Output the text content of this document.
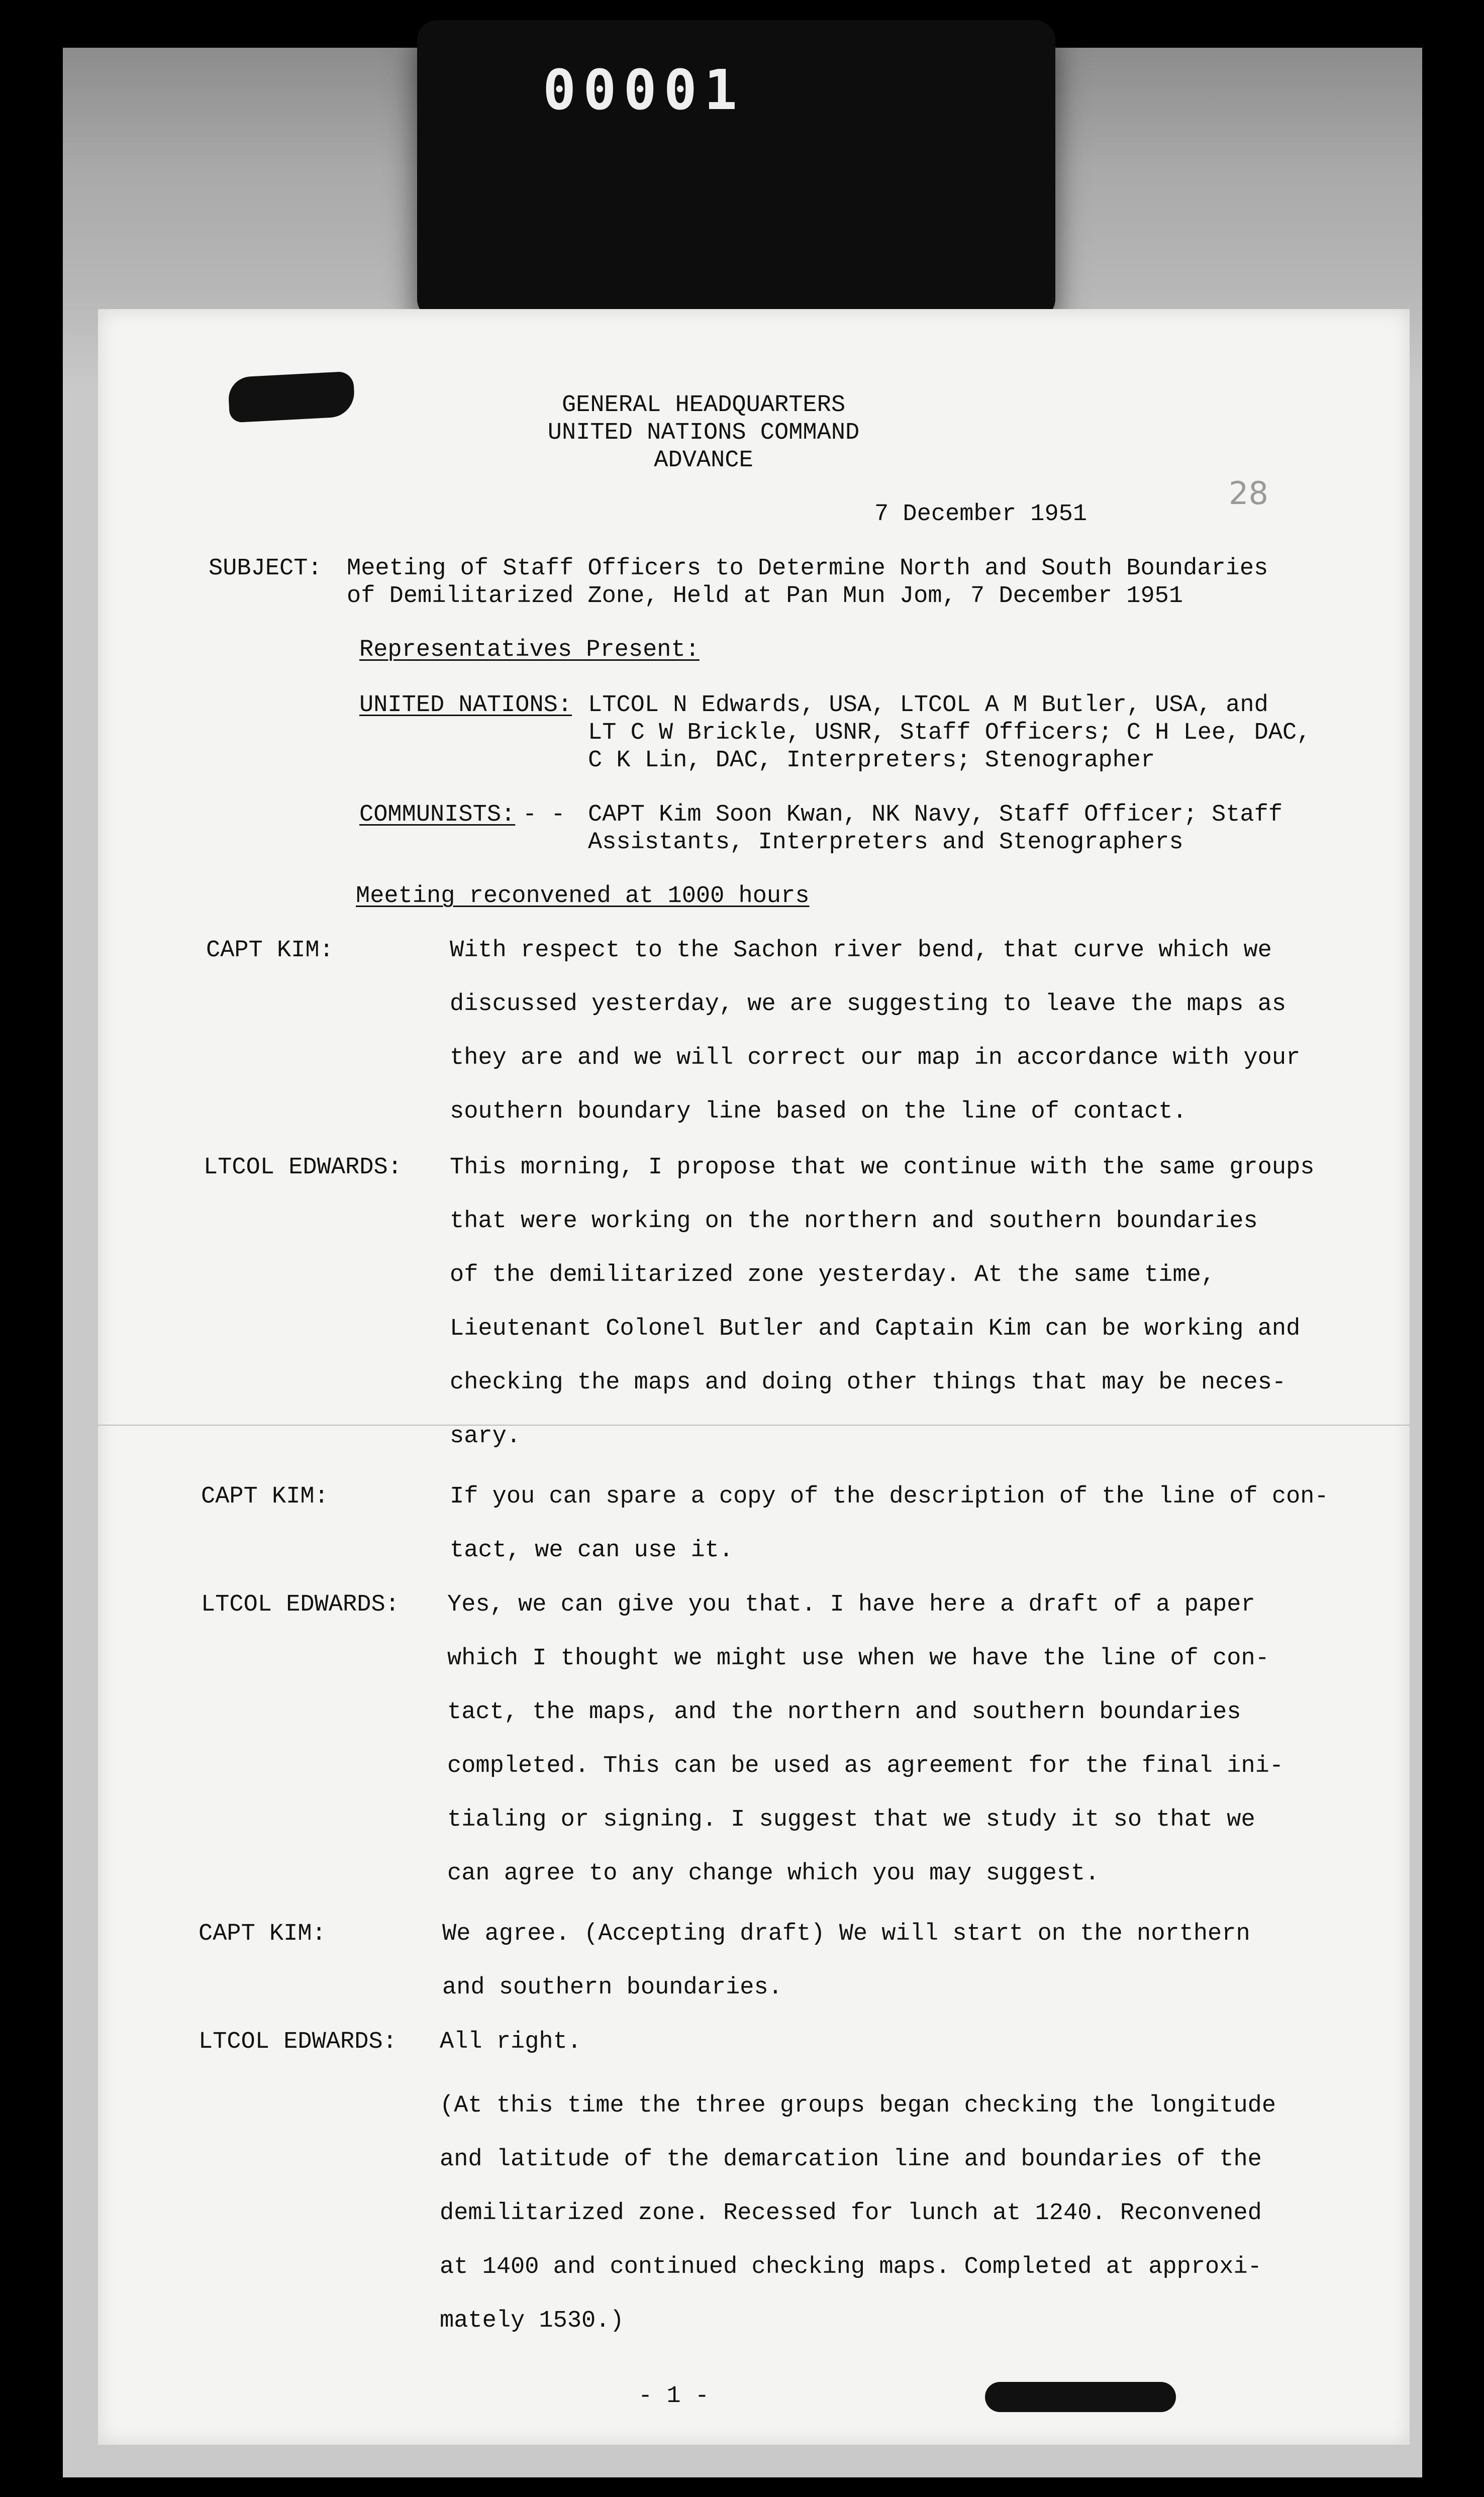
00001
28
GENERAL HEADQUARTERS
UNITED NATIONS COMMAND
ADVANCE
7 December 1951
SUBJECT: Meeting of Staff Officers to Determine North and South Boundaries
of Demilitarized Zone, Held at Pan Mun Jom, 7 December 1951
Representatives Present:
UNITED NATIONS: LTCOL N Edwards, USA, LTCOL A M Butler, USA, and
LT C W Brickle, USNR, Staff Officers; C H Lee, DAC,
C K Lin, DAC, Interpreters; Stenographer
COMMUNISTS: - - CAPT Kim Soon Kwan, NK Navy, Staff Officer; Staff
Assistants, Interpreters and Stenographers
Meeting reconvened at 1000 hours
CAPT KIM:	With respect to the Sachon river bend, that curve which we
discussed yesterday, we are suggesting to leave the maps as
they are and we will correct our map in accordance with your
southern boundary line based on the line of contact.
LTCOL EDWARDS: This morning, I propose that we continue with the same groups
that were working on the northern and southern boundaries
of the demilitarized zone yesterday. At the same time,
Lieutenant Colonel Butler and Captain Kim can be working and
checking the maps and doing other things that may be neces-
sary.
CAPT KIM:	If you can spare a copy of the description of the line of con-
tact, we can use it.
LTCOL EDWARDS: Yes, we can give you that. I have here a draft of a paper
which I thought we might use when we have the line of con-
tact, the maps, and the northern and southern boundaries
completed. This can be used as agreement for the final ini-
tialing or signing. I suggest that we study it so that we
can agree to any change which you may suggest.
CAPT KIM:	We agree. (Accepting draft) We will start on the northern
and southern boundaries.
LTCOL EDWARDS: All right.
(At this time the three groups began checking the longitude
and latitude of the demarcation line and boundaries of the
demilitarized zone. Recessed for lunch at 1240. Reconvened
at 1400 and continued checking maps. Completed at approxi-
mately 1530.)
- 1 -
